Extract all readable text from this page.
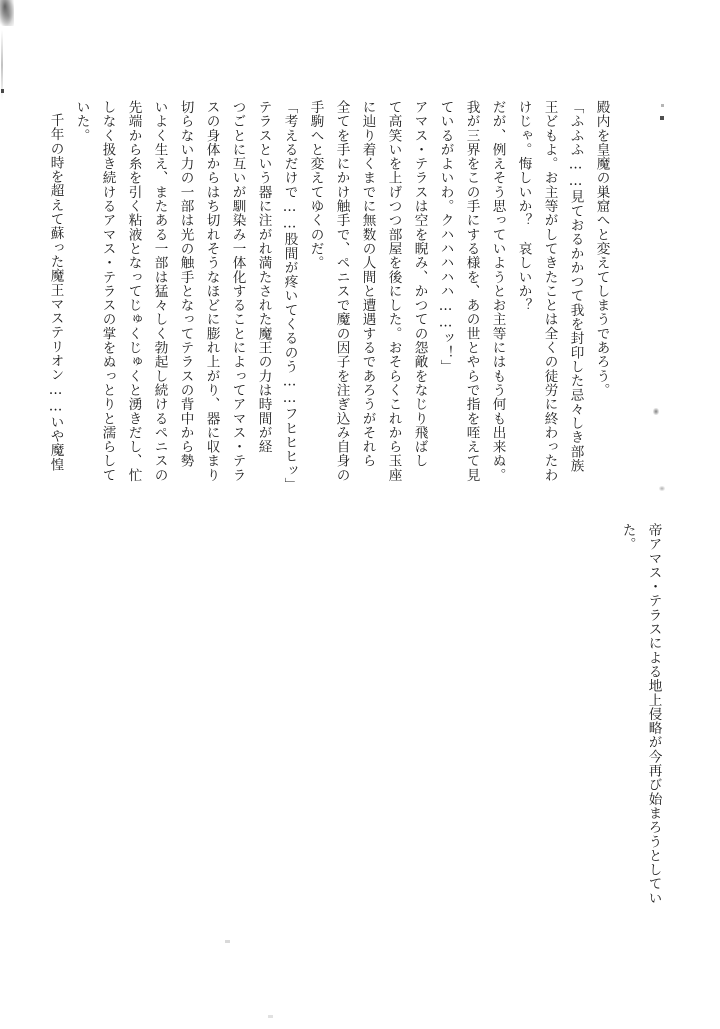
帝アマス・テラスによる地上侵略が今再び始まろうとしてい
た。
殿内を皇魔の巣窟へと変えてしまうであろう。
「ふふふ……見ておるかかつて我を封印した忌々しき部族
王どもよ。お主等がしてきたことは全くの徒労に終わったわ
けじゃ。悔しいか？　哀しいか？
だが、例えそう思っていようとお主等にはもう何も出来ぬ。
我が三界をこの手にする様を、あの世とやらで指を咥えて見
ているがよいわ。クハハハハハ……ッ！」
アマス・テラスは空を睨み、かつての怨敵をなじり飛ばし
て高笑いを上げつつ部屋を後にした。おそらくこれから玉座
に辿り着くまでに無数の人間と遭遇するであろうがそれら
全てを手にかけ触手で、ペニスで魔の因子を注ぎ込み自身の
手駒へと変えてゆくのだ。
「考えるだけで……股間が疼いてくるのう……フヒヒヒッ」
テラスという器に注がれ満たされた魔王の力は時間が経
つごとに互いが馴染み一体化することによってアマス・テラ
スの身体からはち切れそうなほどに膨れ上がり、器に収まり
切らない力の一部は光の触手となってテラスの背中から勢
いよく生え、またある一部は猛々しく勃起し続けるペニスの
先端から糸を引く粘液となってじゅくじゅくと湧きだし、忙
しなく扱き続けるアマス・テラスの掌をぬっとりと濡らして
いた。
千年の時を超えて蘇った魔王マステリオン……いや魔惶
